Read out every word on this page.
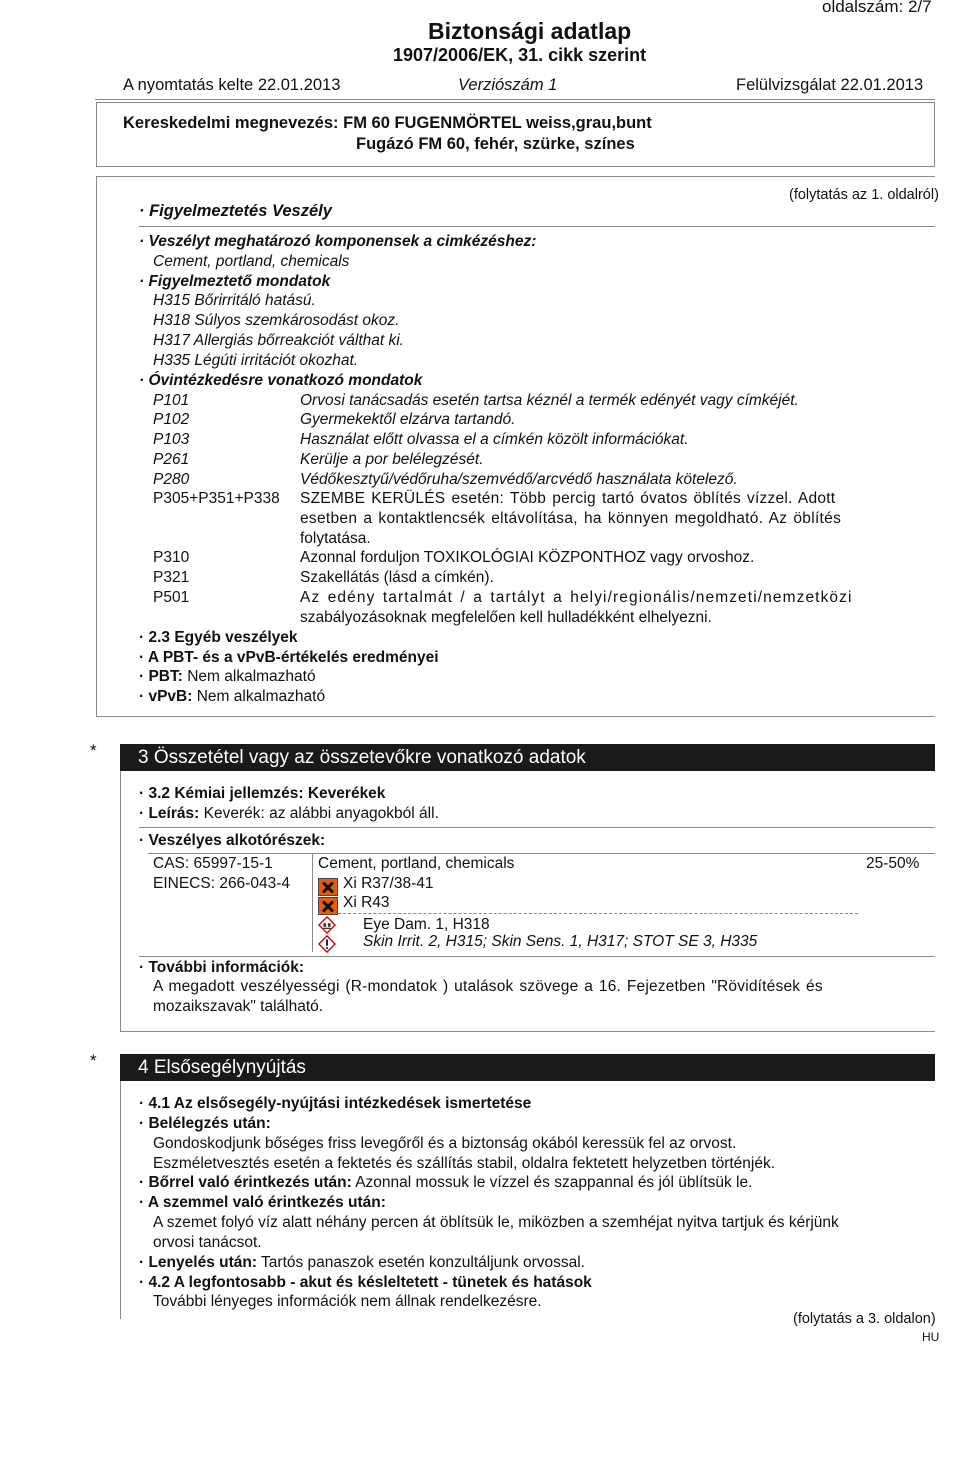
oldalszám: 2/7
Biztonsági adatlap
1907/2006/EK, 31. cikk szerint
A nyomtatás kelte 22.01.2013	Verziószám 1	Felülvizsgálat 22.01.2013
Kereskedelmi megnevezés: FM 60 FUGENMÖRTEL weiss,grau,bunt
Fugázó FM 60, fehér, szürke, színes
(folytatás az 1. oldalról)
· Figyelmeztetés Veszély
· Veszélyt meghatározó komponensek a cimkézéshez:
Cement, portland, chemicals
· Figyelmeztető mondatok
H315 Bőrirritáló hatású.
H318 Súlyos szemkárosodást okoz.
H317 Allergiás bőrreakciót válthat ki.
H335 Légúti irritációt okozhat.
· Óvintézkedésre vonatkozó mondatok
P101	Orvosi tanácsadás esetén tartsa kéznél a termék edényét vagy címkéjét.
P102	Gyermekektől elzárva tartandó.
P103	Használat előtt olvassa el a címkén közölt információkat.
P261	Kerülje a por belélegzését.
P280	Védőkesztyű/védőruha/szemvédő/arcvédő használata kötelező.
P305+P351+P338 SZEMBE KERÜLÉS esetén: Több percig tartó óvatos öblítés vízzel. Adott
esetben a kontaktlencsék eltávolítása, ha könnyen megoldható. Az öblítés
folytatása.
P310	Azonnal forduljon TOXIKOLÓGIAI KÖZPONTHOZ vagy orvoshoz.
P321	Szakellátás (lásd a címkén).
P501	Az edény tartalmát / a tartályt a helyi/regionális/nemzeti/nemzetközi
szabályozásoknak megfelelően kell hulladékként elhelyezni.
· 2.3 Egyéb veszélyek
· A PBT- és a vPvB-értékelés eredményei
· PBT: Nem alkalmazható
· vPvB: Nem alkalmazható
*	3 Összetétel vagy az összetevőkre vonatkozó adatok
· 3.2 Kémiai jellemzés: Keverékek
· Leírás: Keverék: az alábbi anyagokból áll.
· Veszélyes alkotórészek:
CAS: 65997-15-1
EINECS: 266-043-4
Cement, portland, chemicals	25-50%
Xi R37/38-41
Xi R43
Eye Dam. 1, H318
Skin Irrit. 2, H315; Skin Sens. 1, H317; STOT SE 3, H335
· További információk:
A megadott veszélyességi (R-mondatok ) utalások szövege a 16. Fejezetben "Rövidítések és
mozaikszavak" található.
*	4 Elsősegélynyújtás
· 4.1 Az elsősegély-nyújtási intézkedések ismertetése
· Belélegzés után:
Gondoskodjunk bőséges friss levegőről és a biztonság okából keressük fel az orvost.
Eszméletvesztés esetén a fektetés és szállítás stabil, oldalra fektetett helyzetben történjék.
· Bőrrel való érintkezés után: Azonnal mossuk le vízzel és szappannal és jól üblítsük le.
· A szemmel való érintkezés után:
A szemet folyó víz alatt néhány percen át öblítsük le, miközben a szemhéjat nyitva tartjuk és kérjünk
orvosi tanácsot.
· Lenyelés után: Tartós panaszok esetén konzultáljunk orvossal.
· 4.2 A legfontosabb - akut és késleltetett - tünetek és hatások
További lényeges információk nem állnak rendelkezésre.
(folytatás a 3. oldalon)
HU
